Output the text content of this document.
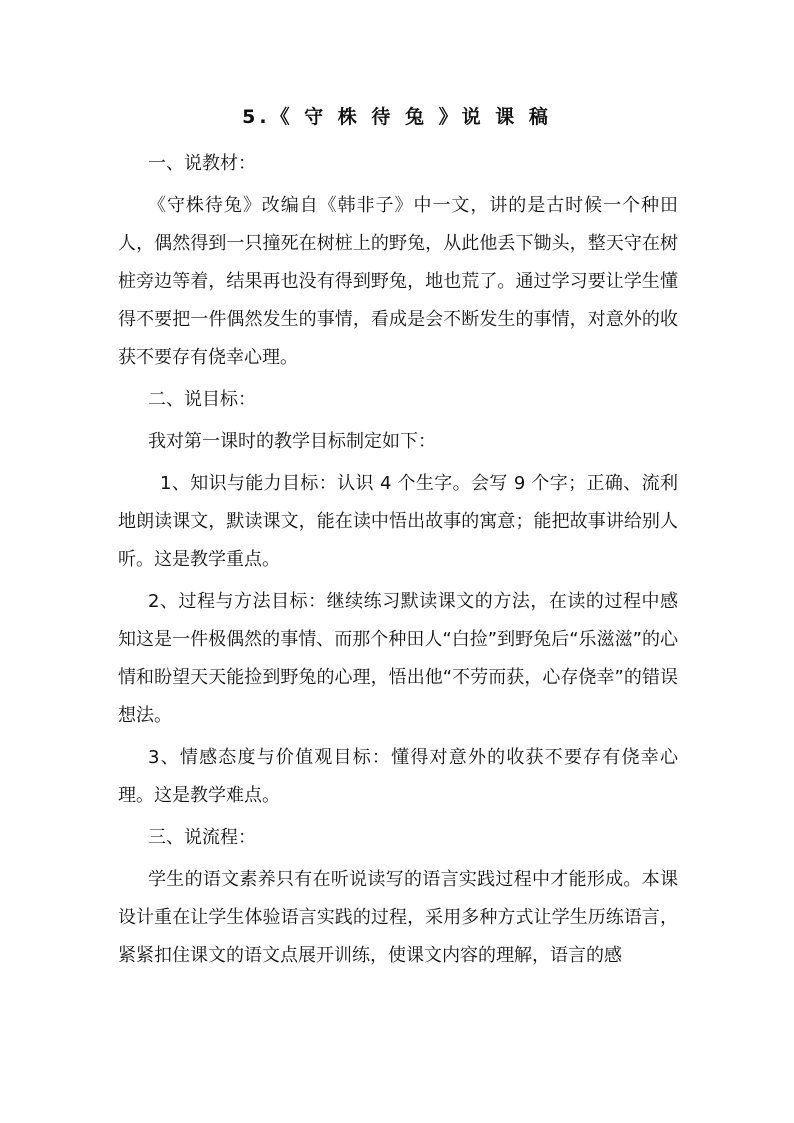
5.《 守 株 待 兔 》说 课 稿
一、说教材：
《守株待兔》改编自《韩非子》中一文，讲的是古时候一个种田人，偶然得到一只撞死在树桩上的野兔，从此他丢下锄头，整天守在树桩旁边等着，结果再也没有得到野兔，地也荒了。通过学习要让学生懂得不要把一件偶然发生的事情，看成是会不断发生的事情，对意外的收获不要存有侥幸心理。
二、说目标：
我对第一课时的教学目标制定如下：
1、知识与能力目标：认识 4 个生字。会写 9 个字；正确、流利地朗读课文，默读课文，能在读中悟出故事的寓意；能把故事讲给别人听。这是教学重点。
2、过程与方法目标：继续练习默读课文的方法，在读的过程中感知这是一件极偶然的事情、而那个种田人“白捡”到野兔后“乐滋滋”的心情和盼望天天能捡到野兔的心理，悟出他“不劳而获，心存侥幸”的错误想法。
3、情感态度与价值观目标：懂得对意外的收获不要存有侥幸心理。这是教学难点。
三、说流程：
学生的语文素养只有在听说读写的语言实践过程中才能形成。本课设计重在让学生体验语言实践的过程，采用多种方式让学生历练语言，紧紧扣住课文的语文点展开训练，使课文内容的理解，语言的感
